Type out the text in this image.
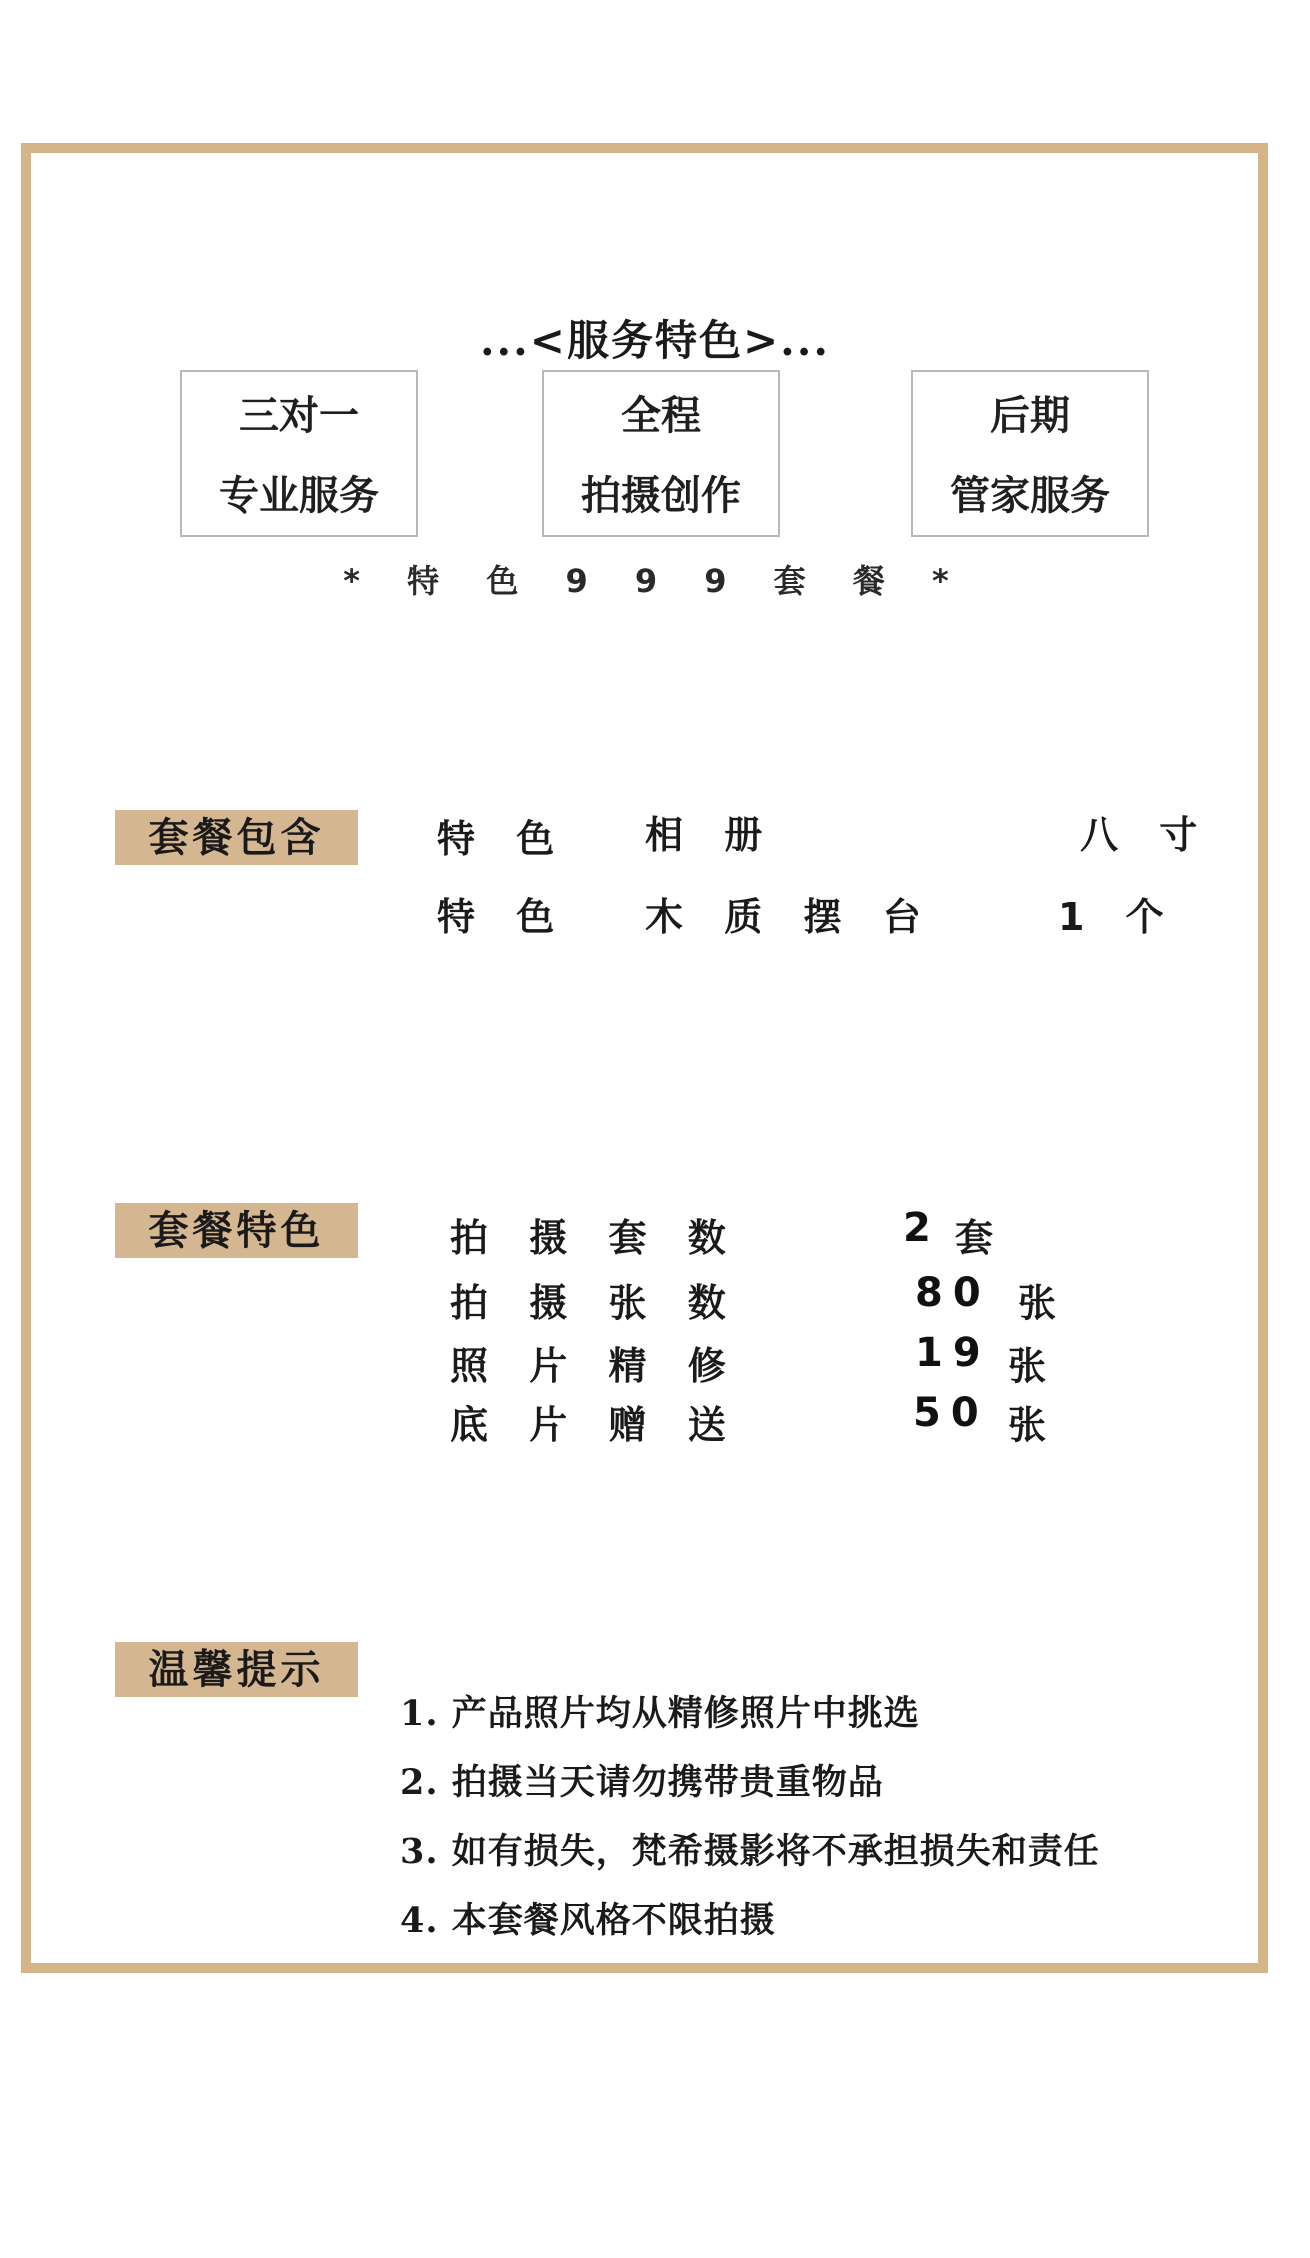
...<服务特色>...
三对一
专业服务
全程
拍摄创作
后期
管家服务
* 特 色 9 9 9 套 餐 *
套餐包含	特 色 相 册	八 寸
特 色 木 质 摆 台	1 个
套餐特色	拍 摄 套 数	2 套
拍 摄 张 数	80 张
照 片 精 修	19 张
底 片 赠 送	50 张
温馨提示
1. 产品照片均从精修照片中挑选
2. 拍摄当天请勿携带贵重物品
3. 如有损失，梵希摄影将不承担损失和责任
4. 本套餐风格不限拍摄
